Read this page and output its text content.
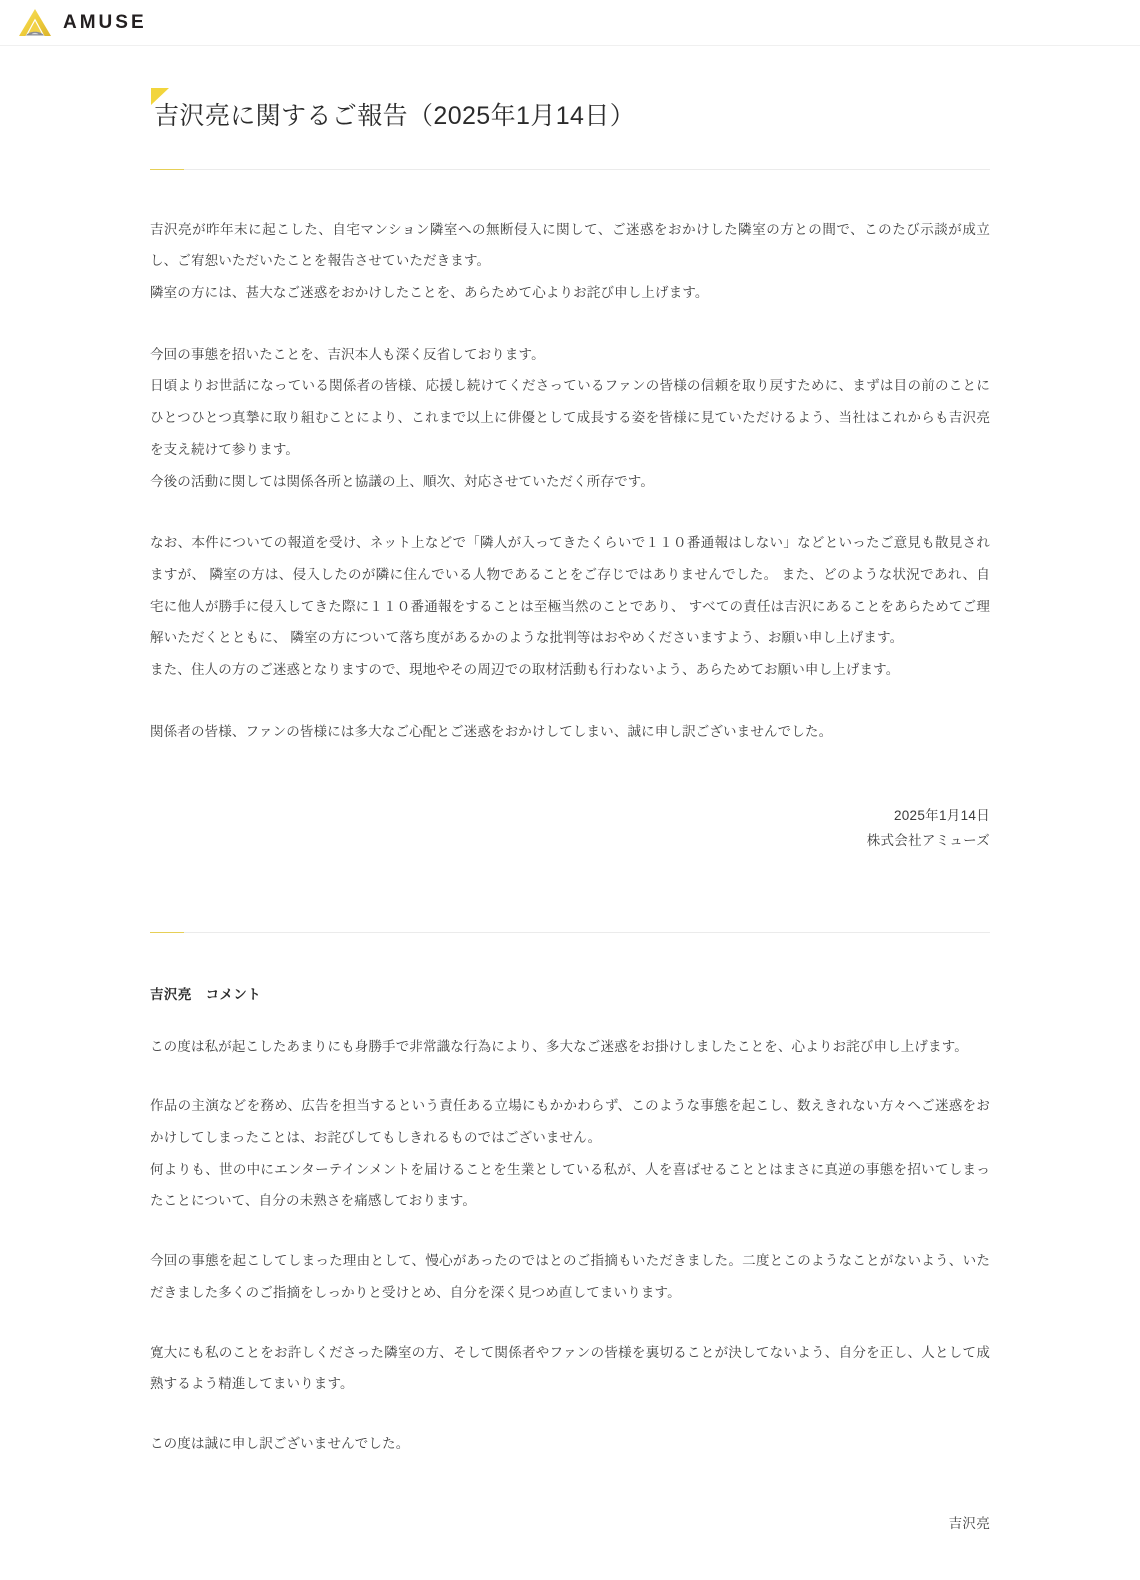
AMUSE
吉沢亮に関するご報告（2025年1月14日）
吉沢亮が昨年末に起こした、自宅マンション隣室への無断侵入に関して、ご迷惑をおかけした隣室の方との間で、このたび示談が成立し、ご宥恕いただいたことを報告させていただきます。
隣室の方には、甚大なご迷惑をおかけしたことを、あらためて心よりお詫び申し上げます。
今回の事態を招いたことを、吉沢本人も深く反省しております。
日頃よりお世話になっている関係者の皆様、応援し続けてくださっているファンの皆様の信頼を取り戻すために、まずは目の前のことにひとつひとつ真摯に取り組むことにより、これまで以上に俳優として成長する姿を皆様に見ていただけるよう、当社はこれからも吉沢亮を支え続けて参ります。
今後の活動に関しては関係各所と協議の上、順次、対応させていただく所存です。
なお、本件についての報道を受け、ネット上などで「隣人が入ってきたくらいで１１０番通報はしない」などといったご意見も散見されますが、 隣室の方は、侵入したのが隣に住んでいる人物であることをご存じではありませんでした。 また、どのような状況であれ、自宅に他人が勝手に侵入してきた際に１１０番通報をすることは至極当然のことであり、 すべての責任は吉沢にあることをあらためてご理解いただくとともに、 隣室の方について落ち度があるかのような批判等はおやめくださいますよう、お願い申し上げます。
また、住人の方のご迷惑となりますので、現地やその周辺での取材活動も行わないよう、あらためてお願い申し上げます。
関係者の皆様、ファンの皆様には多大なご心配とご迷惑をおかけしてしまい、誠に申し訳ございませんでした。
2025年1月14日
株式会社アミューズ
吉沢亮　コメント
この度は私が起こしたあまりにも身勝手で非常識な行為により、多大なご迷惑をお掛けしましたことを、心よりお詫び申し上げます。
作品の主演などを務め、広告を担当するという責任ある立場にもかかわらず、このような事態を起こし、数えきれない方々へご迷惑をおかけしてしまったことは、お詫びしてもしきれるものではございません。
何よりも、世の中にエンターテインメントを届けることを生業としている私が、人を喜ばせることとはまさに真逆の事態を招いてしまったことについて、自分の未熟さを痛感しております。
今回の事態を起こしてしまった理由として、慢心があったのではとのご指摘もいただきました。二度とこのようなことがないよう、いただきました多くのご指摘をしっかりと受けとめ、自分を深く見つめ直してまいります。
寛大にも私のことをお許しくださった隣室の方、そして関係者やファンの皆様を裏切ることが決してないよう、自分を正し、人として成熟するよう精進してまいります。
この度は誠に申し訳ございませんでした。
吉沢亮
